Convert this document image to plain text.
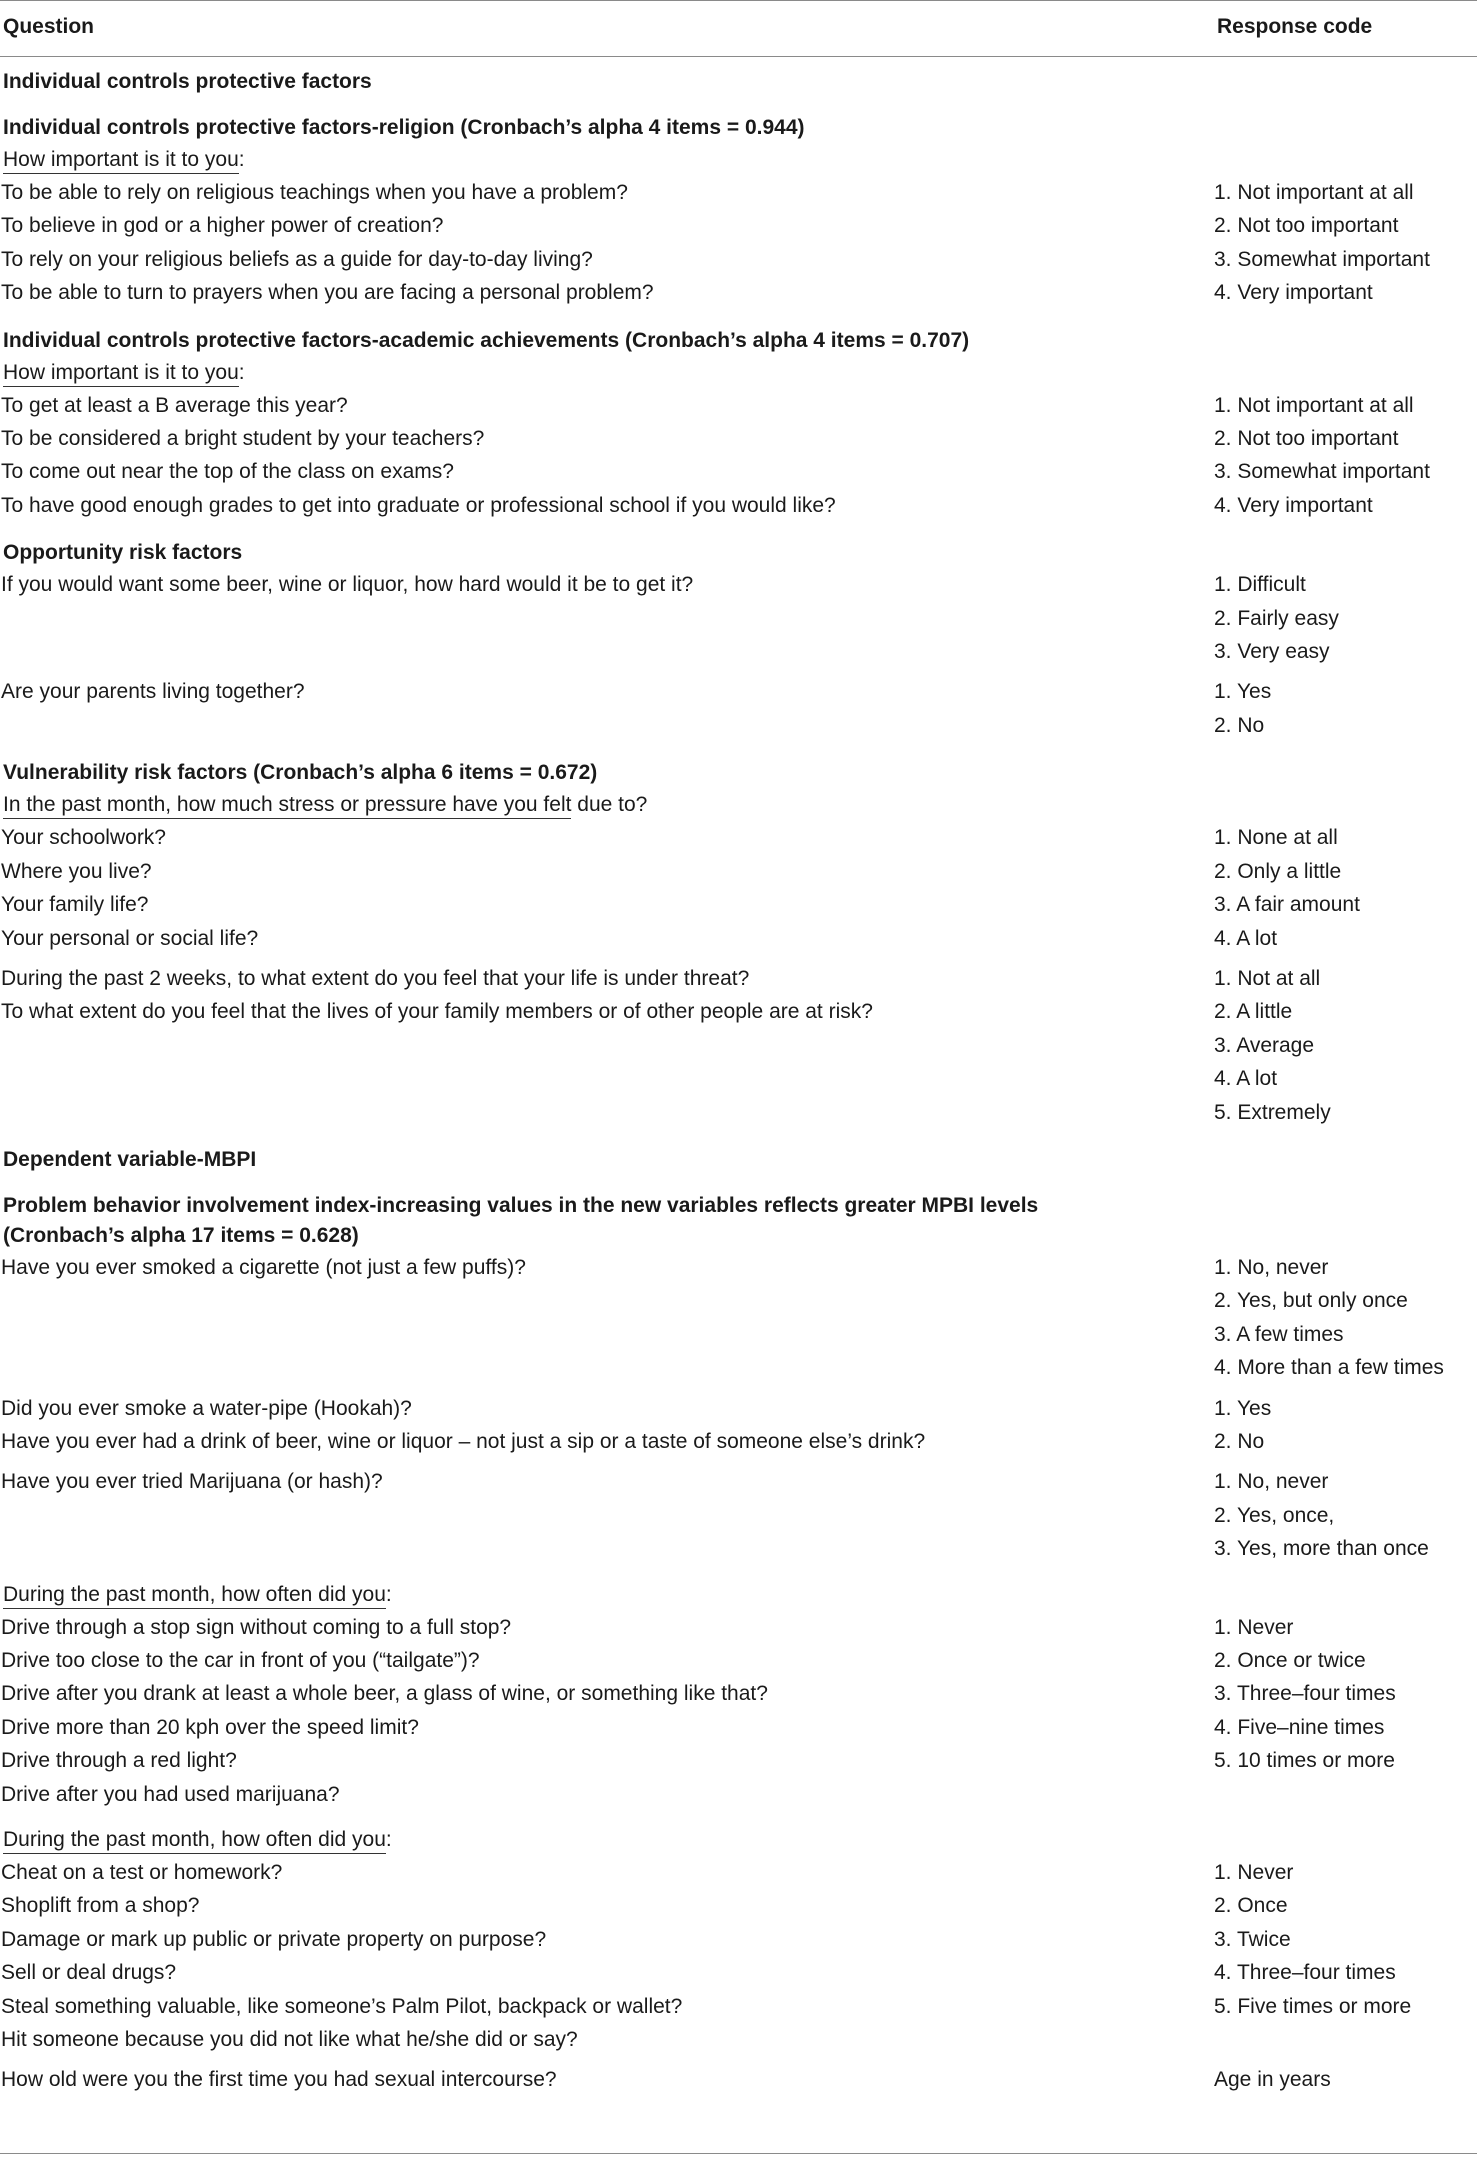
Question	Response code
Individual controls protective factors
Individual controls protective factors-religion (Cronbach’s alpha 4 items = 0.944)
How important is it to you:
To be able to rely on religious teachings when you have a problem?	1. Not important at all
To believe in god or a higher power of creation?	2. Not too important
To rely on your religious beliefs as a guide for day-to-day living?	3. Somewhat important
To be able to turn to prayers when you are facing a personal problem?	4. Very important
Individual controls protective factors-academic achievements (Cronbach’s alpha 4 items = 0.707)
How important is it to you:
To get at least a B average this year?	1. Not important at all
To be considered a bright student by your teachers?	2. Not too important
To come out near the top of the class on exams?	3. Somewhat important
To have good enough grades to get into graduate or professional school if you would like?	4. Very important
Opportunity risk factors
If you would want some beer, wine or liquor, how hard would it be to get it?	1. Difficult
2. Fairly easy
3. Very easy
Are your parents living together?	1. Yes
2. No
Vulnerability risk factors (Cronbach’s alpha 6 items = 0.672)
In the past month, how much stress or pressure have you felt due to?
Your schoolwork?	1. None at all
Where you live?	2. Only a little
Your family life?	3. A fair amount
Your personal or social life?	4. A lot
During the past 2 weeks, to what extent do you feel that your life is under threat?	1. Not at all
To what extent do you feel that the lives of your family members or of other people are at risk?	2. A little
3. Average
4. A lot
5. Extremely
Dependent variable-MBPI
Problem behavior involvement index-increasing values in the new variables reflects greater MPBI levels
(Cronbach’s alpha 17 items = 0.628)
Have you ever smoked a cigarette (not just a few puffs)?	1. No, never
2. Yes, but only once
3. A few times
4. More than a few times
Did you ever smoke a water-pipe (Hookah)?	1. Yes
Have you ever had a drink of beer, wine or liquor – not just a sip or a taste of someone else’s drink?	2. No
Have you ever tried Marijuana (or hash)?	1. No, never
2. Yes, once,
3. Yes, more than once
During the past month, how often did you:
Drive through a stop sign without coming to a full stop?	1. Never
Drive too close to the car in front of you (“tailgate”)?	2. Once or twice
Drive after you drank at least a whole beer, a glass of wine, or something like that?	3. Three–four times
Drive more than 20 kph over the speed limit?	4. Five–nine times
Drive through a red light?	5. 10 times or more
Drive after you had used marijuana?
During the past month, how often did you:
Cheat on a test or homework?	1. Never
Shoplift from a shop?	2. Once
Damage or mark up public or private property on purpose?	3. Twice
Sell or deal drugs?	4. Three–four times
Steal something valuable, like someone’s Palm Pilot, backpack or wallet?	5. Five times or more
Hit someone because you did not like what he/she did or say?
How old were you the first time you had sexual intercourse?	Age in years
